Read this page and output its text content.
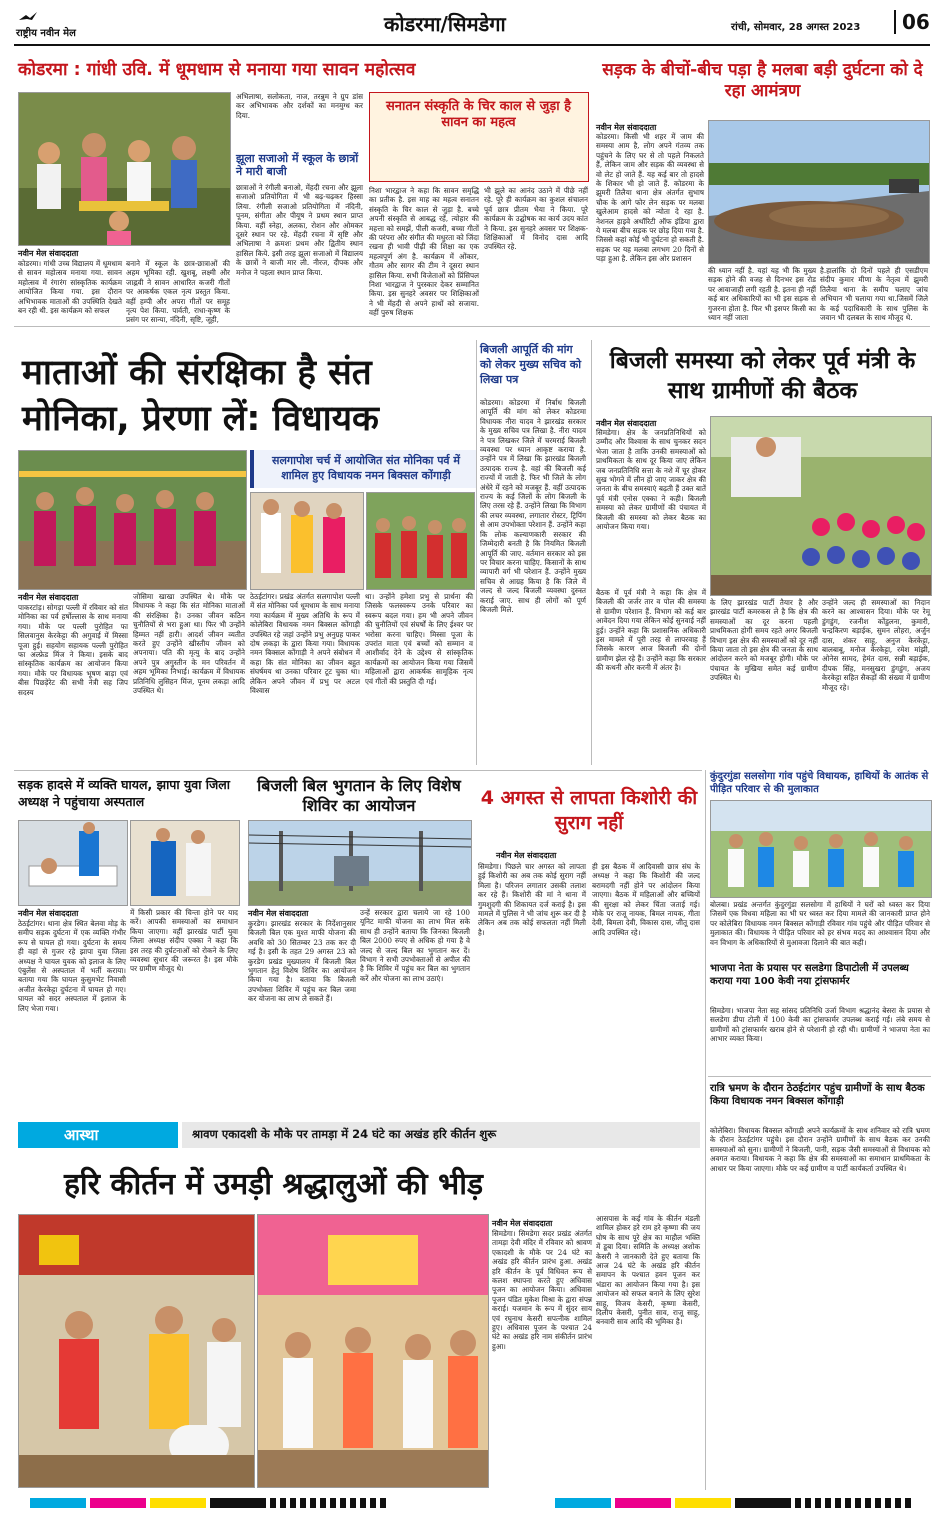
राष्ट्रीय नवीन मेल	कोडरमा/सिमडेगा	रांची, सोमवार, 28 अगस्त 2023	06
कोडरमा : गांधी उवि. में धूमधाम से मनाया गया सावन महोत्सव
नवीन मेल संवाददाता

कोडरमा। गांधी उच्च विद्यालय में धूमधाम से सावन महोत्सव मनाया गया. सावन महोत्सव में रंगारंग सांस्कृतिक कार्यक्रम आयोजित किया गया. इस दौरान अभिभावक माताओं की उपस्थिति देखते बन रही थी. इस कार्यक्रम को सफल

बनाने में स्कूल के छात्र-छात्राओं की अहम भूमिका रही. खुशबू, लक्ष्मी और जाह्नवी ने सावन आधारित कजरी गीतों पर आकर्षक एकल नृत्य प्रस्तुत किया. वहीं हम्पी और अपरा गीतों पर समूह नृत्य पेश किया. पार्वती, राधा-कृष्ण के प्रसंग पर सान्या, नंदिनी, सृष्टि, जूही,

अभिलाषा, सलोकता, नाज, तरन्नुम ने ग्रुप डांस कर अभिभावक और दर्शकों का मनमुग्ध कर दिया.

झूला सजाओ में स्कूल के छात्रों ने मारी बाजी

छात्राओं ने रंगीली बनाओ, मेंहदी रचना और झूला सजाओ प्रतियोगिता में भी बढ़-चढ़कर हिस्सा लिया. रंगीली सजाओ प्रतियोगिता में नंदिनी, पूनम, संगीता और पीयूष ने प्रथम स्थान प्राप्त किया. वहीं स्नेहा, अलका, रोशन और ओमकर दूसरे स्थान पर रहे. मेंहदी रचना में सृष्टि और अभिलाषा ने क्रमशः प्रथम और द्वितीय स्थान हासिल किये. इसी तरह झूला सजाओ में विद्यालय के छात्रों ने बाजी मार ली. नीरज, दीपक और मनोज ने पहला स्थान प्राप्त किया.

सनातन संस्कृति के चिर काल से जुड़ा है सावन का महत्व

निशा भारद्वाज ने कहा कि सावन समृद्धि का प्रतीक है. इस माह का महत्व सनातन संस्कृति के चिर काल से जुड़ा है. बच्चे अपनी संस्कृति से आबद्ध रहें, त्योहार की महत्ता को समझें, पीली कजरी, बच्चा गीतों की परंपरा और संगीत की मधुरता को जिंदा रखना ही भावी पीढ़ी की शिक्षा का एक महत्वपूर्ण अंग है. कार्यक्रम में ओंकार, गौतम और सागर की टीम ने दूसरा स्थान हासिल किया. सभी विजेताओं को प्रिंसिपल निशा भारद्वाज ने पुरस्कार देकर सम्मानित किया. इस सुनहरे अवसर पर शिक्षिकाओं ने भी मेंहदी से अपने हाथों को सजाया. वहीं पुरुष शिक्षक

भी झूले का आनंद उठाने में पीछे नहीं रहे. पूरे ही कार्यक्रम का कुशल संचालन पूर्व छात्र प्रीतम भैया ने किया. पूरे कार्यक्रम के उद्घोषक का कार्य उदय कांत ने किया. इस सुनहरे अवसर पर शिक्षक-शिक्षिकाओं में विनोद दास आदि उपस्थित रहे.

सड़क के बीचों-बीच पड़ा है मलबा बड़ी दुर्घटना को दे रहा आमंत्रण
नवीन मेल संवाददाता

कोडरमा। किसी भी शहर में जाम की समस्या आम है, लोग अपने गंतव्य तक पहुंचने के लिए घर से तो पहले निकलते हैं, लेकिन जाम और सड़क की व्यवस्था से वो लेट हो जाते हैं. यह कई बार तो हादसे के शिकार भी हो जाते हैं. कोडरमा के झुमरी तिलैया थाना क्षेत्र अंतर्गत सुभाष चौक के आगे फोर लेन सड़क पर मलबा खुलेआम हादसे को न्योता दे रहा है. नेशनल हाइवे अथॉरिटी ऑफ इंडिया द्वारा ये मलबा बीच सड़क पर छोड़ दिया गया है. जिससे कहां कोई भी दुर्घटना हो सकती है. सड़क पर यह मलबा लगभग 20 दिनों से पड़ा हुआ है. लेकिन इस ओर प्रशासन

की ध्यान नहीं है. यहां यह भी कि मुख्य सड़क होने की वजह से दिनभर इस रोड पर आवाजाही लगी रहती है. इतना ही नहीं कई बार अधिकारियों का भी इस सड़क से गुजरना होता है. फिर भी इसपर किसी का ध्यान नहीं जाता

है.हालांकि दो दिनों पहले ही एसडीएम संदीप कुमार मीणा के नेतृत्व में झुमरी तिलैया थाना के समीप चलाए जांच अभियान भी चलाया गया था.जिसमें जिले के कई पदाधिकारी के साथ पुलिस के जवान भी दलबल के साथ मौजूद थे.

माताओं की संरक्षिका है संत मोनिका, प्रेरणा लें: विधायक
सलगापोश चर्च में आयोजित संत मोनिका पर्व में शामिल हुए विधायक नमन बिक्सल कोंगाड़ी
नवीन मेल संवाददाता

पाकरटांड़। सोगड़ा पल्ली में रविवार को संत मोनिका का पर्व हर्षोल्लास के साथ मनाया गया। मौके पर पल्ली पुरोहित फा सिलवानुस केरकेट्टा की अगुवाई में मिस्सा पूजा हुई। सहयोग सहायक पल्ली पुरोहित फा अल्फ्रेड मिंज ने किया। इसके बाद सांस्कृतिक कार्यक्रम का आयोजन किया गया। मौके पर विधायक भूषण बाड़ा एवं बीस पिछड़ेरेट की सभी नेत्री सह जिप सदस्य

जोसिमा खाखा उपस्थित थे। मौके पर विधायक ने कहा कि संत मोनिका माताओं की संरक्षिका है। उनका जीवन कठिन चुनौतियों से भरा हुआ था। फिर भी उन्होंने हिम्मत नहीं हारी। आदर्श जीवन व्यतीत करते हुए उन्होंने खीस्तीय जीवन को अपनाया। पति की मृत्यु के बाद उन्होंने अपने पुत्र अगुस्तीन के मन परिवर्तन में अहम भूमिका निभाई। कार्यक्रम में विधायक प्रतिनिधि लुसिहन मिंज, पूनम लकड़ा आदि उपस्थित थे।

ठेठईटांगर। प्रखंड अंतर्गत सलगापोश पल्ली में संत मोनिका पर्व धूमधाम के साथ मनाया गया कार्यक्रम में मुख्य अतिथि के रूप में कोलेबिरा विधायक नमन बिक्सल कोंगाड़ी उपस्थित रहे जहां उन्होंने प्रभु अनुग्रह पाकर दोष लकड़ा के द्वारा किया गया। विधायक नमन बिक्सल कोंगाड़ी ने अपने संबोधन में कहा कि संत मोनिका का जीवन बहुत संघर्षमय था उनका परिवार टूट चुका था। लेकिन अपने जीवन में प्रभु पर अटल विश्वास

था। उन्होंने हमेशा प्रभु से प्रार्थना की जिसके फलस्वरूप उनके परिवार का स्वरूप बदल गया। हम भी अपने जीवन की चुनौतियों एवं संघर्षों के लिए ईश्वर पर भरोसा करना चाहिए। मिस्सा पूजा के उपरांत माता एवं बच्चों को सम्मान व आशीर्वाद देने के उद्देश्य से सांस्कृतिक कार्यक्रमों का आयोजन किया गया जिसमें महिलाओं द्वारा आकर्षक सामूहिक नृत्य एवं गीतों की प्रस्तुति दी गई।

बिजली आपूर्ति की मांग को लेकर मुख्य सचिव को लिखा पत्र

कोडरमा। कोडरमा में निर्बाध बिजली आपूर्ति की मांग को लेकर कोडरमा विधायक नीरा यादव ने झारखंड सरकार के मुख्य सचिव पत्र लिखा है. नीरा यादव ने पत्र लिखकर जिले में चरमराई बिजली व्यवस्था पर ध्यान आकृष्ट कराया है. उन्होंने पत्र में लिखा कि झारखंड बिजली उत्पादक राज्य है. वहां की बिजली कई राज्यों में जाती है. फिर भी जिले के लोग अंधेरे में रहने को मजबूर हैं. वहीं उत्पादक राज्य के कई जिलों के लोग बिजली के लिए तरस रहे हैं. उन्होंने लिखा कि विभाग की लचर व्यवस्था, लगातार रोस्टर, ट्रिपिंग से आम उपभोक्ता परेशान हैं. उन्होंने कहा कि लोक कल्याणकारी सरकार की जिम्मेदारी बनती है कि नियमित बिजली आपूर्ति की जाए. वर्तमान सरकार को इस पर विचार करना चाहिए. किसानों के साथ व्यापारी वर्ग भी परेशान हैं. उन्होंने मुख्य सचिव से आग्रह किया है कि जिले में जल्द से जल्द बिजली व्यवस्था दुरुस्त कराई जाए. साथ ही लोगों को पूर्ण बिजली मिले.

बिजली समस्या को लेकर पूर्व मंत्री के साथ ग्रामीणों की बैठक
नवीन मेल संवाददाता

सिमडेगा। क्षेत्र के जनप्रतिनिधियों को उम्मीद और विश्वास के साथ चुनकर सदन भेजा जाता है ताकि उनकी समस्याओं को प्राथमिकता के साथ दूर किया जाए लेकिन जब जनप्रतिनिधि सत्ता के नशे में चूर होकर सुख भोगने में लीन हो जाए जाकर क्षेत्र की जनता के बीच समस्याएं बढ़ती हैं उक्त बातें पूर्व मंत्री एनोस एक्का ने कही। बिजली समस्या को लेकर ग्रामीणों की पंचायत में बिजली की समस्या को लेकर बैठक का आयोजन किया गया।

बैठक में पूर्व मंत्री ने कहा कि क्षेत्र में बिजली की जर्जर तार व पोल की समस्या से ग्रामीण परेशान हैं. विभाग को कई बार आवेदन दिया गया लेकिन कोई सुनवाई नहीं हुई। उन्होंने कहा कि प्रशासनिक अधिकारी इस मामले में पूरी तरह से लापरवाह हैं जिसके कारण आज बिजली की दोनों ग्रामीण झेल रहे हैं। उन्होंने कहा कि सरकार की कथनी और करनी में अंतर है।

के लिए झारखंड पार्टी तैयार है और झारखंड पार्टी कमरकस ले है कि क्षेत्र की समस्याओं का दूर करना पहली प्राथमिकता होगी समय रहते अगर बिजली विभाग इस क्षेत्र की समस्याओं को दूर नहीं किया जाता तो इस क्षेत्र की जनता के साथ आंदोलन करने को मजबूर होगी। मौके पर पंचायत के मुखिया समेत कई ग्रामीण उपस्थित थे।

उन्होंने जल्द ही समस्याओं का निदान करने का आश्वासन दिया। मौके पर रेमू डुंगडुंग, रजनीश कोंडुलना, कुमारी, चन्द्रकिरण बड़ाईक, सुमन लोहरा, अर्जुन दास, शंकर साहू, अनुज केरकेट्टा, बालबाबू, मनोज केरकेट्टा, रमेश मांझी, ओनेस सामद, हेमंत दास, सन्नी बड़ाईक, दीपक सिंह, मनसुखरा डुंगडुंग, अजय केरकेट्टा सहित सैकड़ों की संख्या में ग्रामीण मौजूद रहे।

सड़क हादसे में व्यक्ति घायल, झापा युवा जिला अध्यक्ष ने पहुंचाया अस्पताल
नवीन मेल संवाददाता

ठेठईटांगर। थाना क्षेत्र स्थित बेलवा मोड़ के समीप सड़क दुर्घटना में एक व्यक्ति गंभीर रूप से घायल हो गया। दुर्घटना के समय ही वहां से गुजर रहे झापा युवा जिला अध्यक्ष ने घायल युवक को इलाज के लिए एंबुलेंस से अस्पताल में भर्ती कराया। बताया गया कि घायल कुसुमभेट निवासी अजीत केरकेट्टा दुर्घटना में घायल हो गए। घायल को सदर अस्पताल में इलाज के लिए भेजा गया।

में किसी प्रकार की चिन्ता होने पर याद करें। आपकी समस्याओं का समाधान किया जाएगा। वहीं झारखंड पार्टी युवा जिला अध्यक्ष संदीप एक्का ने कहा कि इस तरह की दुर्घटनाओं को रोकने के लिए व्यवस्था सुधार की जरूरत है। इस मौके पर ग्रामीण मौजूद थे।

बिजली बिल भुगतान के लिए विशेष शिविर का आयोजन
नवीन मेल संवाददाता

कुरडेग। झारखंड सरकार के निर्देशानुसार बिजली बिल एक मुश्त माफी योजना की अवधि को 30 सितम्बर 23 तक कर दी गई है। इसी के तहत 29 अगस्त 23 को कुरडेग प्रखंड मुख्यालय में बिजली बिल भुगतान हेतु विशेष शिविर का आयोजन किया गया है। बताया कि बिजली उपभोक्ता शिविर में पहुंच कर बिल जमा कर योजना का लाभ ले सकते हैं।

उन्हें सरकार द्वारा चलाये जा रहे 100 यूनिट माफी योजना का लाभ मिल सके साथ ही उन्होंने बताया कि जिनका बिजली बिल 2000 रुपए से अधिक हो गया है वे जल्द से जल्द बिल का भुगतान कर दें। विभाग ने सभी उपभोक्ताओं से अपील की है कि शिविर में पहुंच कर बिल का भुगतान करें और योजना का लाभ उठाएं।

4 अगस्त से लापता किशोरी की सुराग नहीं
नवीन मेल संवाददाता

सिमडेगा। पिछले चार अगस्त को लापता हुई किशोरी का अब तक कोई सुराग नहीं मिला है। परिजन लगातार उसकी तलाश कर रहे हैं। किशोरी की मां ने थाना में गुमशुदगी की शिकायत दर्ज कराई है। इस मामले में पुलिस ने भी जांच शुरू कर दी है लेकिन अब तक कोई सफलता नहीं मिली है।

ही इस बैठक में आदिवासी छात्र संघ के अध्यक्ष ने कहा कि किशोरी की जल्द बरामदगी नहीं होने पर आंदोलन किया जाएगा। बैठक में महिलाओं और बच्चियों की सुरक्षा को लेकर चिंता जताई गई। मौके पर राजू नायक, बिमल नायक, गीता देवी, बिमला देवी, विकास दास, जीतू दास आदि उपस्थित रहे।

कुंदुरगुंडा सलसोगा गांव पहुंचे विधायक, हाथियों के आतंक से पीड़ित परिवार से की मुलाकात

बोलबा। प्रखंड अन्तर्गत कुंदुरगुंडा सलसोगा में हाथियों ने घरों को ध्वस्त कर दिया जिसमें एक विधवा महिला का भी घर ध्वस्त कर दिया मामले की जानकारी प्राप्त होने पर कोलेबिरा विधायक नमन बिक्सल कोंगाड़ी रविवार गांव पहुंचे और पीड़ित परिवार से मुलाकात की। विधायक ने पीड़ित परिवार को हर संभव मदद का आश्वासन दिया और वन विभाग के अधिकारियों से मुआवजा दिलाने की बात कही।

भाजपा नेता के प्रयास पर सलडेगा डिपाटोली में उपलब्ध कराया गया 100 केवी नया ट्रांसफार्मर

सिमडेगा। भाजपा नेता सह सांसद प्रतिनिधि उर्जा विभाग श्रद्धानंद बेसरा के प्रयास से सलडेगा डीपा टोली में 100 केवी का ट्रांसफार्मर उपलब्ध कराई गई। लंबे समय से ग्रामीणों को ट्रांसफार्मर खराब होने से परेशानी हो रही थी। ग्रामीणों ने भाजपा नेता का आभार व्यक्त किया।

रात्रि भ्रमण के दौरान ठेठईटांगर पहुंच ग्रामीणों के साथ बैठक किया विधायक नमन बिक्सल कोंगाड़ी

कोलेबिरा। विधायक बिक्सल कोंगाड़ी अपने कार्यक्रमों के साथ शनिवार को रात्रि भ्रमण के दौरान ठेठईटांगर पहुंचे। इस दौरान उन्होंने ग्रामीणों के साथ बैठक कर उनकी समस्याओं को सुना। ग्रामीणों ने बिजली, पानी, सड़क जैसी समस्याओं से विधायक को अवगत कराया। विधायक ने कहा कि क्षेत्र की समस्याओं का समाधान प्राथमिकता के आधार पर किया जाएगा। मौके पर कई ग्रामीण व पार्टी कार्यकर्ता उपस्थित थे।

आस्था	श्रावण एकादशी के मौके पर तामड़ा में 24 घंटे का अखंड हरि कीर्तन शुरू
हरि कीर्तन में उमड़ी श्रद्धालुओं की भीड़
नवीन मेल संवाददाता

सिमडेगा। सिमडेगा सदर प्रखंड अंतर्गत तामड़ा देवी मंदिर में रविवार को श्रावण एकादशी के मौके पर 24 घंटे का अखंड हरि कीर्तन प्रारंभ हुआ. अखंड हरि कीर्तन के पूर्व विधिवत रूप से कलश स्थापना करते हुए अधिवास पूजन का आयोजन किया। अधिवास पूजन पंडित मुकेश मिश्रा के द्वारा संपन्न कराई। यजमान के रूप में सुंदर साय एवं रघुनाथ केसरी सपत्नीक शामिल हुए। अधिवास पूजन के पश्चात 24 घंटे का अखंड हरि नाम संकीर्तन प्रारंभ हुआ।

आसपास के कई गांव के कीर्तन मंडली शामिल होकर हरे राम हरे कृष्णा की जय घोष के साथ पूरे क्षेत्र का माहौल भक्ति में डूबा दिया। समिति के अध्यक्ष अशोक केसरी ने जानकारी देते हुए बताया कि आज 24 घंटे के अखंड हरि कीर्तन समापन के पश्चात हवन पूजन कर भंडारा का आयोजन किया गया है। इस आयोजन को सफल बनाने के लिए सुरेश साहू, विजय केसरी, कृष्णा केसरी, दिलीप केसरी, पुनीत साव, राजू साहू, बनवारी साव आदि की भूमिका है।
